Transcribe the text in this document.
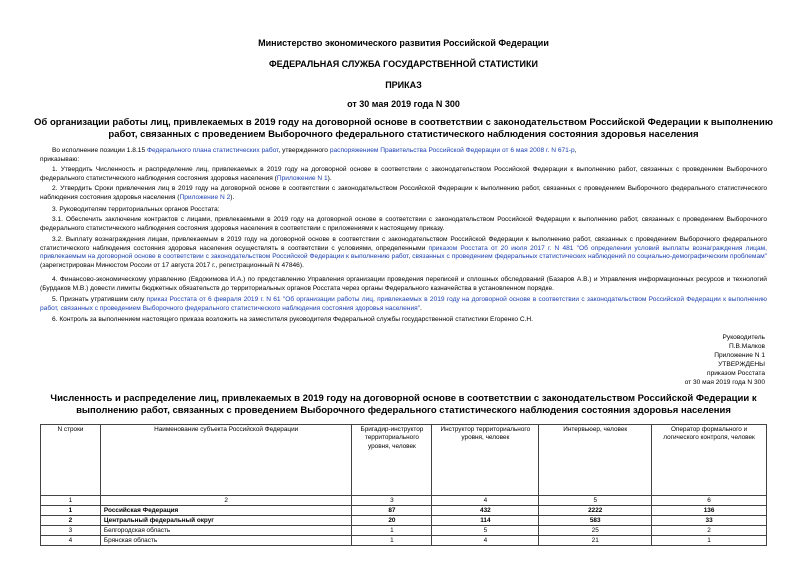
Министерство экономического развития Российской Федерации
ФЕДЕРАЛЬНАЯ СЛУЖБА ГОСУДАРСТВЕННОЙ СТАТИСТИКИ
ПРИКАЗ
от 30 мая 2019 года N 300
Об организации работы лиц, привлекаемых в 2019 году на договорной основе в соответствии с законодательством Российской Федерации к выполнению работ, связанных с проведением Выборочного федерального статистического наблюдения состояния здоровья населения
Во исполнение позиции 1.8.15 Федерального плана статистических работ, утвержденного распоряжением Правительства Российской Федерации от 6 мая 2008 г. N 671-р,
приказываю:
1. Утвердить Численность и распределение лиц, привлекаемых в 2019 году на договорной основе в соответствии с законодательством Российской Федерации к выполнению работ, связанных с проведением Выборочного федерального статистического наблюдения состояния здоровья населения (Приложение N 1).
2. Утвердить Сроки привлечения лиц в 2019 году на договорной основе в соответствии с законодательством Российской Федерации к выполнению работ, связанных с проведением Выборочного федерального статистического наблюдения состояния здоровья населения (Приложение N 2).
3. Руководителям территориальных органов Росстата:
3.1. Обеспечить заключение контрактов с лицами, привлекаемыми в 2019 году на договорной основе в соответствии с законодательством Российской Федерации к выполнению работ, связанных с проведением Выборочного федерального статистического наблюдения состояния здоровья населения в соответствии с приложениями к настоящему приказу.
3.2. Выплату вознаграждения лицам, привлекаемым в 2019 году на договорной основе в соответствии с законодательством Российской Федерации к выполнению работ, связанных с проведением Выборочного федерального статистического наблюдения состояния здоровья населения осуществлять в соответствии с условиями, определенными приказом Росстата от 20 июля 2017 г. N 481 "Об определении условий выплаты вознаграждения лицам, привлекаемым на договорной основе в соответствии с законодательством Российской Федерации к выполнению работ, связанных с проведением федеральных статистических наблюдений по социально-демографическим проблемам" (зарегистрирован Минюстом России от 17 августа 2017 г., регистрационный N 47846).
4. Финансово-экономическому управлению (Евдокимова И.А.) по представлению Управления организации проведения переписей и сплошных обследований (Базаров А.В.) и Управления информационных ресурсов и технологий (Бурдаков М.В.) довести лимиты бюджетных обязательств до территориальных органов Росстата через органы Федерального казначейства в установленном порядке.
5. Признать утратившим силу приказ Росстата от 6 февраля 2019 г. N 61 "Об организации работы лиц, привлекаемых в 2019 году на договорной основе в соответствии с законодательством Российской Федерации к выполнению работ, связанных с проведением Выборочного федерального статистического наблюдения состояния здоровья населения".
6. Контроль за выполнением настоящего приказа возложить на заместителя руководителя Федеральной службы государственной статистики Егоренко С.Н.
Руководитель
П.В.Малков
Приложение N 1
УТВЕРЖДЕНЫ
приказом Росстата
от 30 мая 2019 года N 300
Численность и распределение лиц, привлекаемых в 2019 году на договорной основе в соответствии с законодательством Российской Федерации к выполнению работ, связанных с проведением Выборочного федерального статистического наблюдения состояния здоровья населения
N строки	Наименование субъекта Российской Федерации	Бригадир-инструктор территориального уровня, человек	Инструктор территориального уровня, человек	Интервьюер, человек	Оператор формального и логического контроля, человек
1	2	3	4	5	6
1	Российская Федерация	87	432	2222	136
2	Центральный федеральный округ	20	114	583	33
3	Белгородская область	1	5	25	2
4	Брянская область	1	4	21	1
